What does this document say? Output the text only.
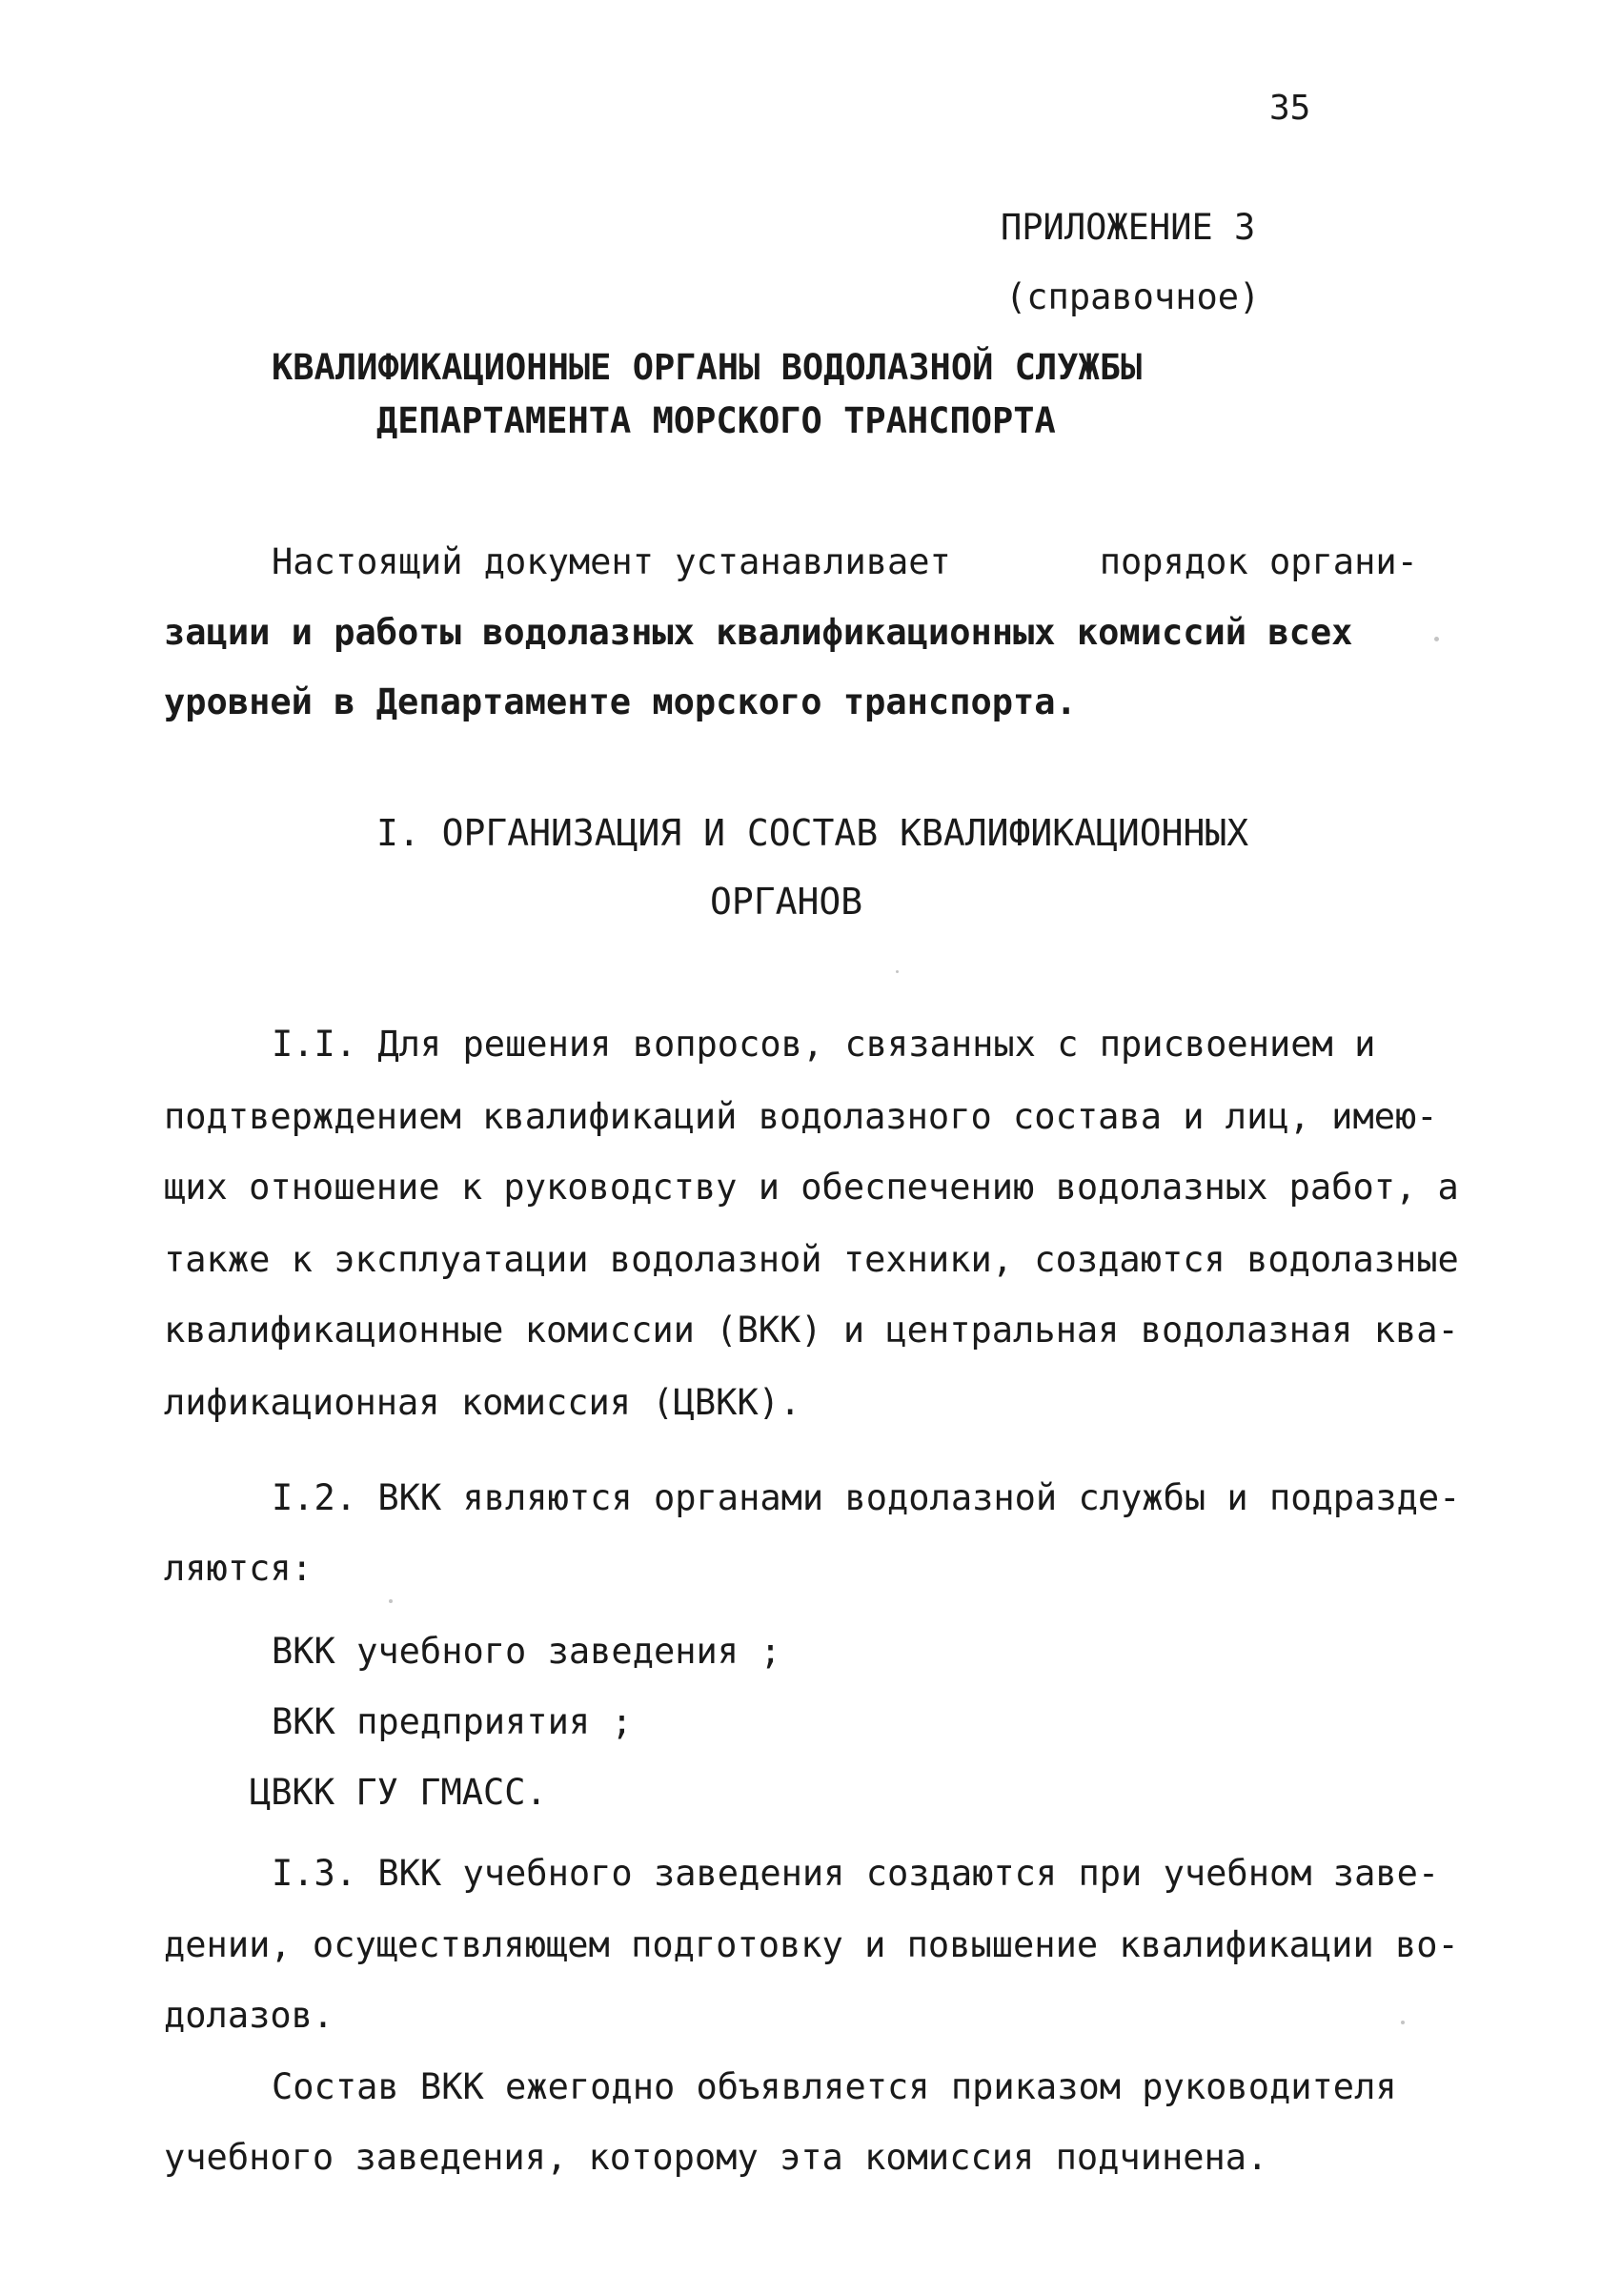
35
ПРИЛОЖЕНИЕ 3
(справочное)
КВАЛИФИКАЦИОННЫЕ ОРГАНЫ ВОДОЛАЗНОЙ СЛУЖБЫ
ДЕПАРТАМЕНТА МОРСКОГО ТРАНСПОРТА
Настоящий документ устанавливает       порядок органи-
зации и работы водолазных квалификационных комиссий всех
уровней в Департаменте морского транспорта.
I. ОРГАНИЗАЦИЯ И СОСТАВ КВАЛИФИКАЦИОННЫХ
ОРГАНОВ
I.I. Для решения вопросов, связанных с присвоением и
подтверждением квалификаций водолазного состава и лиц, имею-
щих отношение к руководству и обеспечению водолазных работ, а
также к эксплуатации водолазной техники, создаются водолазные
квалификационные комиссии (ВКК) и центральная водолазная ква-
лификационная комиссия (ЦВКК).
I.2. ВКК являются органами водолазной службы и подразде-
ляются:
ВКК учебного заведения ;
ВКК предприятия ;
ЦВКК ГУ ГМАСС.
I.3. ВКК учебного заведения создаются при учебном заве-
дении, осуществляющем подготовку и повышение квалификации во-
долазов.
Состав ВКК ежегодно объявляется приказом руководителя
учебного заведения, которому эта комиссия подчинена.
